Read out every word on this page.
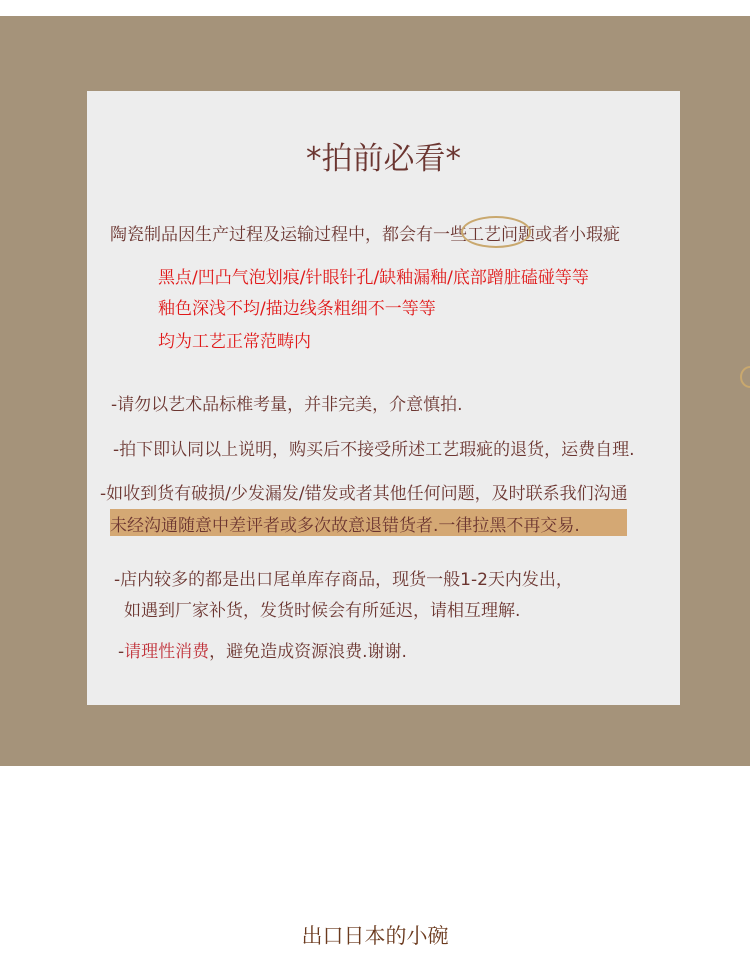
*拍前必看*
陶瓷制品因生产过程及运输过程中，都会有一些
工艺问题或者小瑕疵
黑点/凹凸气泡划痕/针眼针孔/缺釉漏釉/底部蹭脏磕碰等等
釉色深浅不均/描边线条粗细不一等等
均为工艺正常范畴内
-请勿以艺术品标椎考量，并非完美，介意慎拍.
-拍下即认同以上说明，购买后不接受所述工艺瑕疵的退货，运费自理.
-如收到货有破损/少发漏发/错发或者其他任何问题，及时联系我们沟通
未经沟通随意中差评者或多次故意退错货者.一律拉黑不再交易.
-店内较多的都是出口尾单库存商品，现货一般1-2天内发出，
如遇到厂家补货，发货时候会有所延迟，请相互理解.
-请理性消费，避免造成资源浪费.谢谢.
出口日本的小碗
